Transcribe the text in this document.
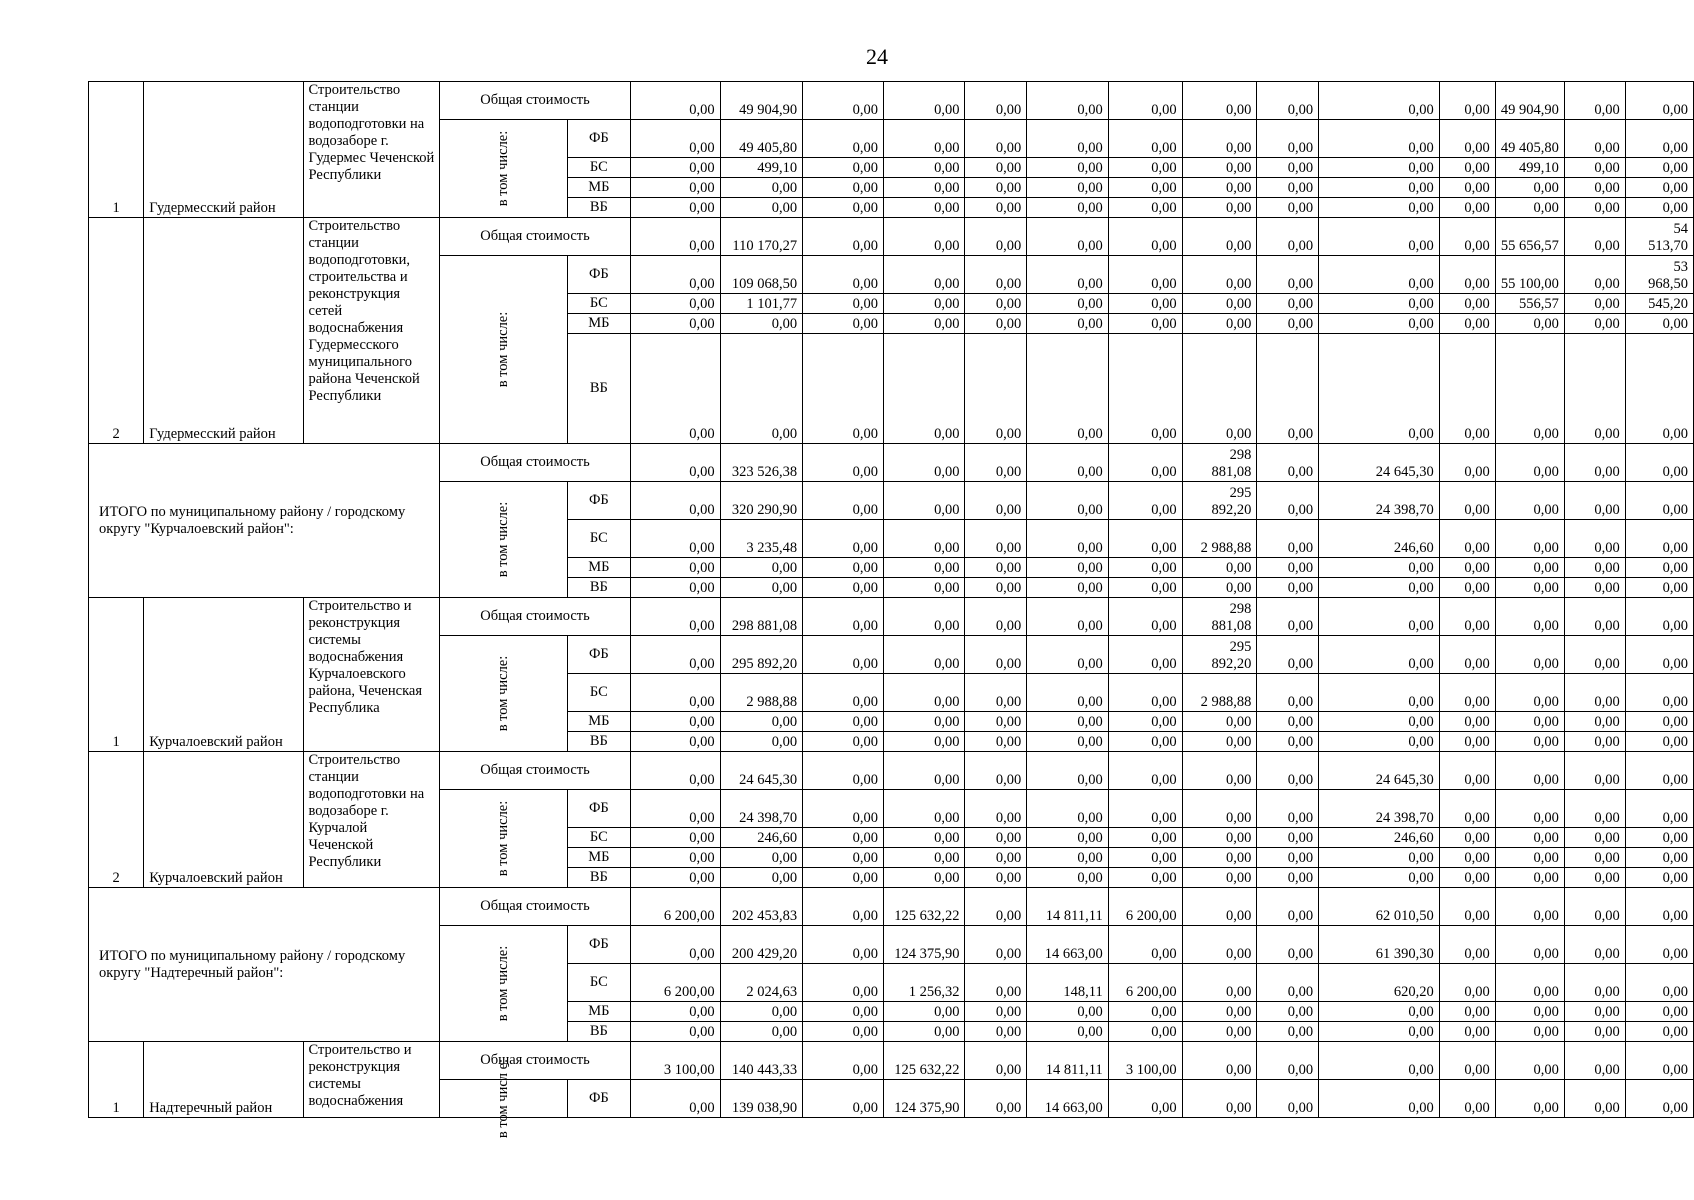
24
1	Гудермесский район	Строительство станции водоподготовки на водозаборе г. Гудермес Чеченской Республики	Общая стоимость		0,00	49 904,90	0,00	0,00	0,00	0,00	0,00	0,00	0,00	0,00	0,00	49 904,90	0,00	0,00

			в том числе:	ФБ	0,00	49 405,80	0,00	0,00	0,00	0,00	0,00	0,00	0,00	0,00	0,00	49 405,80	0,00	0,00
				БС	0,00	499,10	0,00	0,00	0,00	0,00	0,00	0,00	0,00	0,00	0,00	499,10	0,00	0,00
				МБ	0,00	0,00	0,00	0,00	0,00	0,00	0,00	0,00	0,00	0,00	0,00	0,00	0,00	0,00
				ВБ	0,00	0,00	0,00	0,00	0,00	0,00	0,00	0,00	0,00	0,00	0,00	0,00	0,00	0,00
2	Гудермесский район	Строительство станции водоподготовки, строительства и реконструкция сетей водоснабжения Гудермесского муниципального района Чеченской Республики	Общая стоимость		0,00	110 170,27	0,00	0,00	0,00	0,00	0,00	0,00	0,00	0,00	0,00	55 656,57	0,00	54 513,70

			в том числе:	ФБ	0,00	109 068,50	0,00	0,00	0,00	0,00	0,00	0,00	0,00	0,00	0,00	55 100,00	0,00	53 968,50
				БС	0,00	1 101,77	0,00	0,00	0,00	0,00	0,00	0,00	0,00	0,00	0,00	556,57	0,00	545,20
				МБ	0,00	0,00	0,00	0,00	0,00	0,00	0,00	0,00	0,00	0,00	0,00	0,00	0,00	0,00
				ВБ	0,00	0,00	0,00	0,00	0,00	0,00	0,00	0,00	0,00	0,00	0,00	0,00	0,00	0,00
ИТОГО по муниципальному району / городскому округу "Курчалоевский район":			Общая стоимость		0,00	323 526,38	0,00	0,00	0,00	0,00	0,00	298 881,08	0,00	24 645,30	0,00	0,00	0,00	0,00

			в том числе:	ФБ	0,00	320 290,90	0,00	0,00	0,00	0,00	0,00	295 892,20	0,00	24 398,70	0,00	0,00	0,00	0,00
				БС	0,00	3 235,48	0,00	0,00	0,00	0,00	0,00	2 988,88	0,00	246,60	0,00	0,00	0,00	0,00
				МБ	0,00	0,00	0,00	0,00	0,00	0,00	0,00	0,00	0,00	0,00	0,00	0,00	0,00	0,00
				ВБ	0,00	0,00	0,00	0,00	0,00	0,00	0,00	0,00	0,00	0,00	0,00	0,00	0,00	0,00
1	Курчалоевский район	Строительство и реконструкция системы водоснабжения Курчалоевского района, Чеченская Республика	Общая стоимость		0,00	298 881,08	0,00	0,00	0,00	0,00	0,00	298 881,08	0,00	0,00	0,00	0,00	0,00	0,00

			в том числе:	ФБ	0,00	295 892,20	0,00	0,00	0,00	0,00	0,00	295 892,20	0,00	0,00	0,00	0,00	0,00	0,00
				БС	0,00	2 988,88	0,00	0,00	0,00	0,00	0,00	2 988,88	0,00	0,00	0,00	0,00	0,00	0,00
				МБ	0,00	0,00	0,00	0,00	0,00	0,00	0,00	0,00	0,00	0,00	0,00	0,00	0,00	0,00
				ВБ	0,00	0,00	0,00	0,00	0,00	0,00	0,00	0,00	0,00	0,00	0,00	0,00	0,00	0,00
2	Курчалоевский район	Строительство станции водоподготовки на водозаборе г. Курчалой Чеченской Республики	Общая стоимость		0,00	24 645,30	0,00	0,00	0,00	0,00	0,00	0,00	0,00	24 645,30	0,00	0,00	0,00	0,00

			в том числе:	ФБ	0,00	24 398,70	0,00	0,00	0,00	0,00	0,00	0,00	0,00	24 398,70	0,00	0,00	0,00	0,00
				БС	0,00	246,60	0,00	0,00	0,00	0,00	0,00	0,00	0,00	246,60	0,00	0,00	0,00	0,00
				МБ	0,00	0,00	0,00	0,00	0,00	0,00	0,00	0,00	0,00	0,00	0,00	0,00	0,00	0,00
				ВБ	0,00	0,00	0,00	0,00	0,00	0,00	0,00	0,00	0,00	0,00	0,00	0,00	0,00	0,00
ИТОГО по муниципальному району / городскому округу "Надтеречный район":			Общая стоимость		6 200,00	202 453,83	0,00	125 632,22	0,00	14 811,11	6 200,00	0,00	0,00	62 010,50	0,00	0,00	0,00	0,00

			в том числе:	ФБ	0,00	200 429,20	0,00	124 375,90	0,00	14 663,00	0,00	0,00	0,00	61 390,30	0,00	0,00	0,00	0,00
				БС	6 200,00	2 024,63	0,00	1 256,32	0,00	148,11	6 200,00	0,00	0,00	620,20	0,00	0,00	0,00	0,00
				МБ	0,00	0,00	0,00	0,00	0,00	0,00	0,00	0,00	0,00	0,00	0,00	0,00	0,00	0,00
				ВБ	0,00	0,00	0,00	0,00	0,00	0,00	0,00	0,00	0,00	0,00	0,00	0,00	0,00	0,00
1	Надтеречный район	Строительство и реконструкция системы водоснабжения	Общая стоимость		3 100,00	140 443,33	0,00	125 632,22	0,00	14 811,11	3 100,00	0,00	0,00	0,00	0,00	0,00	0,00	0,00

			в том числ е:	ФБ	0,00	139 038,90	0,00	124 375,90	0,00	14 663,00	0,00	0,00	0,00	0,00	0,00	0,00	0,00	0,00
